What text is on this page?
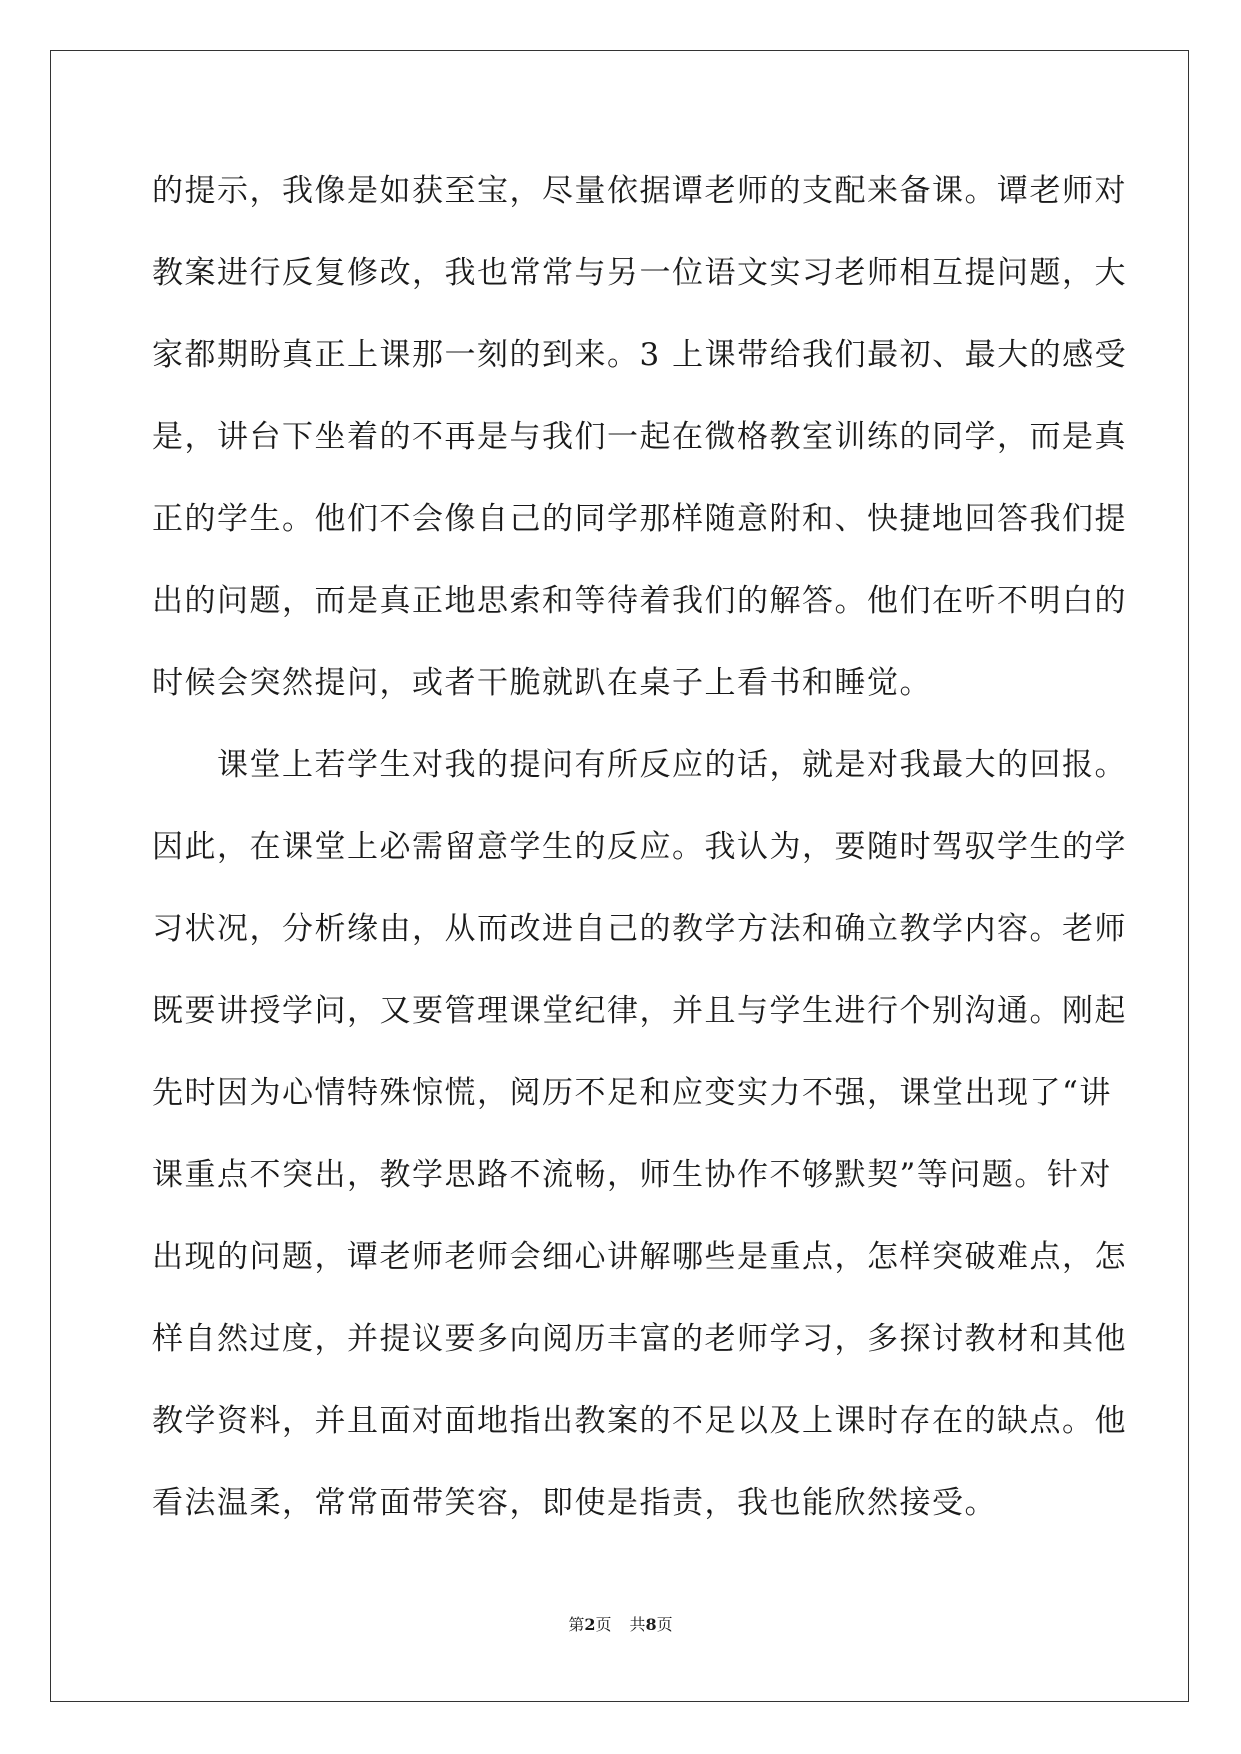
的提示，我像是如获至宝，尽量依据谭老师的支配来备课。谭老师对
教案进行反复修改，我也常常与另一位语文实习老师相互提问题，大
家都期盼真正上课那一刻的到来。3 上课带给我们最初、最大的感受
是，讲台下坐着的不再是与我们一起在微格教室训练的同学，而是真
正的学生。他们不会像自己的同学那样随意附和、快捷地回答我们提
出的问题，而是真正地思索和等待着我们的解答。他们在听不明白的
时候会突然提问，或者干脆就趴在桌子上看书和睡觉。
　　课堂上若学生对我的提问有所反应的话，就是对我最大的回报。
因此，在课堂上必需留意学生的反应。我认为，要随时驾驭学生的学
习状况，分析缘由，从而改进自己的教学方法和确立教学内容。老师
既要讲授学问，又要管理课堂纪律，并且与学生进行个别沟通。刚起
先时因为心情特殊惊慌，阅历不足和应变实力不强，课堂出现了“讲
课重点不突出，教学思路不流畅，师生协作不够默契”等问题。针对
出现的问题，谭老师老师会细心讲解哪些是重点，怎样突破难点，怎
样自然过度，并提议要多向阅历丰富的老师学习，多探讨教材和其他
教学资料，并且面对面地指出教案的不足以及上课时存在的缺点。他
看法温柔，常常面带笑容，即使是指责，我也能欣然接受。
第2页 共8页
